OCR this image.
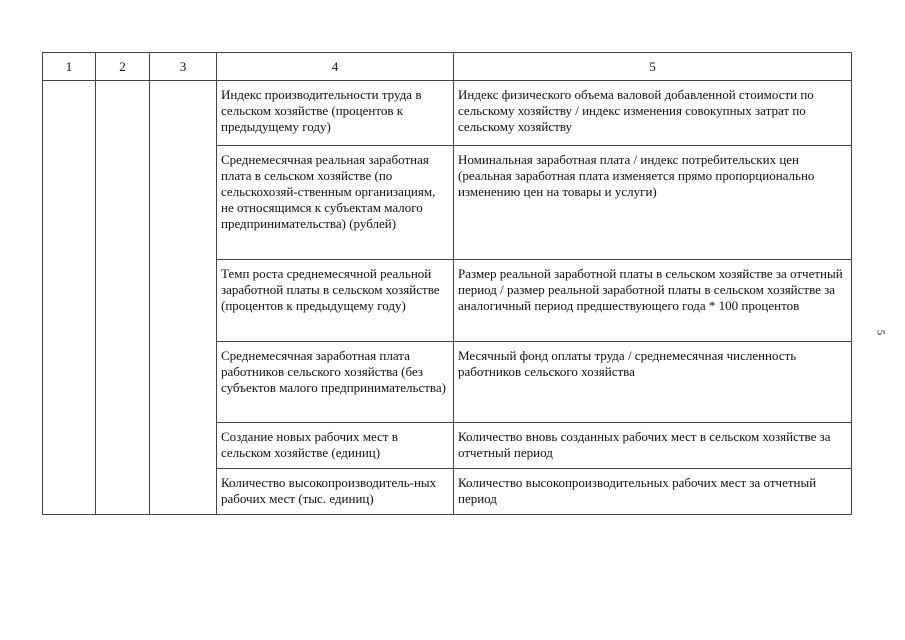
1	2	3	4	5

			Индекс производительности труда в сельском хозяйстве (процентов к предыдущему году)	Индекс физического объема валовой добавленной стоимости по сельскому хозяйству / индекс изменения совокупных затрат по сельскому хозяйству

			Среднемесячная реальная заработная плата в сельском хозяйстве (по сельскохозяй-ственным организациям, не относящимся к субъектам малого предпринимательства) (рублей)	Номинальная заработная плата / индекс потребительских цен (реальная заработная плата изменяется прямо пропорционально изменению цен на товары и услуги)

			Темп роста среднемесячной реальной заработной платы в сельском хозяйстве (процентов к предыдущему году)	Размер реальной заработной платы в сельском хозяйстве за отчетный период / размер реальной заработной платы в сельском хозяйстве за аналогичный период предшествующего года * 100 процентов

			Среднемесячная заработная плата работников сельского хозяйства (без субъектов малого предпринимательства)	Месячный фонд оплаты труда / среднемесячная численность работников сельского хозяйства

			Создание новых рабочих мест в сельском хозяйстве (единиц)	Количество вновь созданных рабочих мест в сельском хозяйстве за отчетный период

			Количество высокопроизводитель-ных рабочих мест (тыс. единиц)	Количество высокопроизводительных рабочих мест за отчетный период
5
